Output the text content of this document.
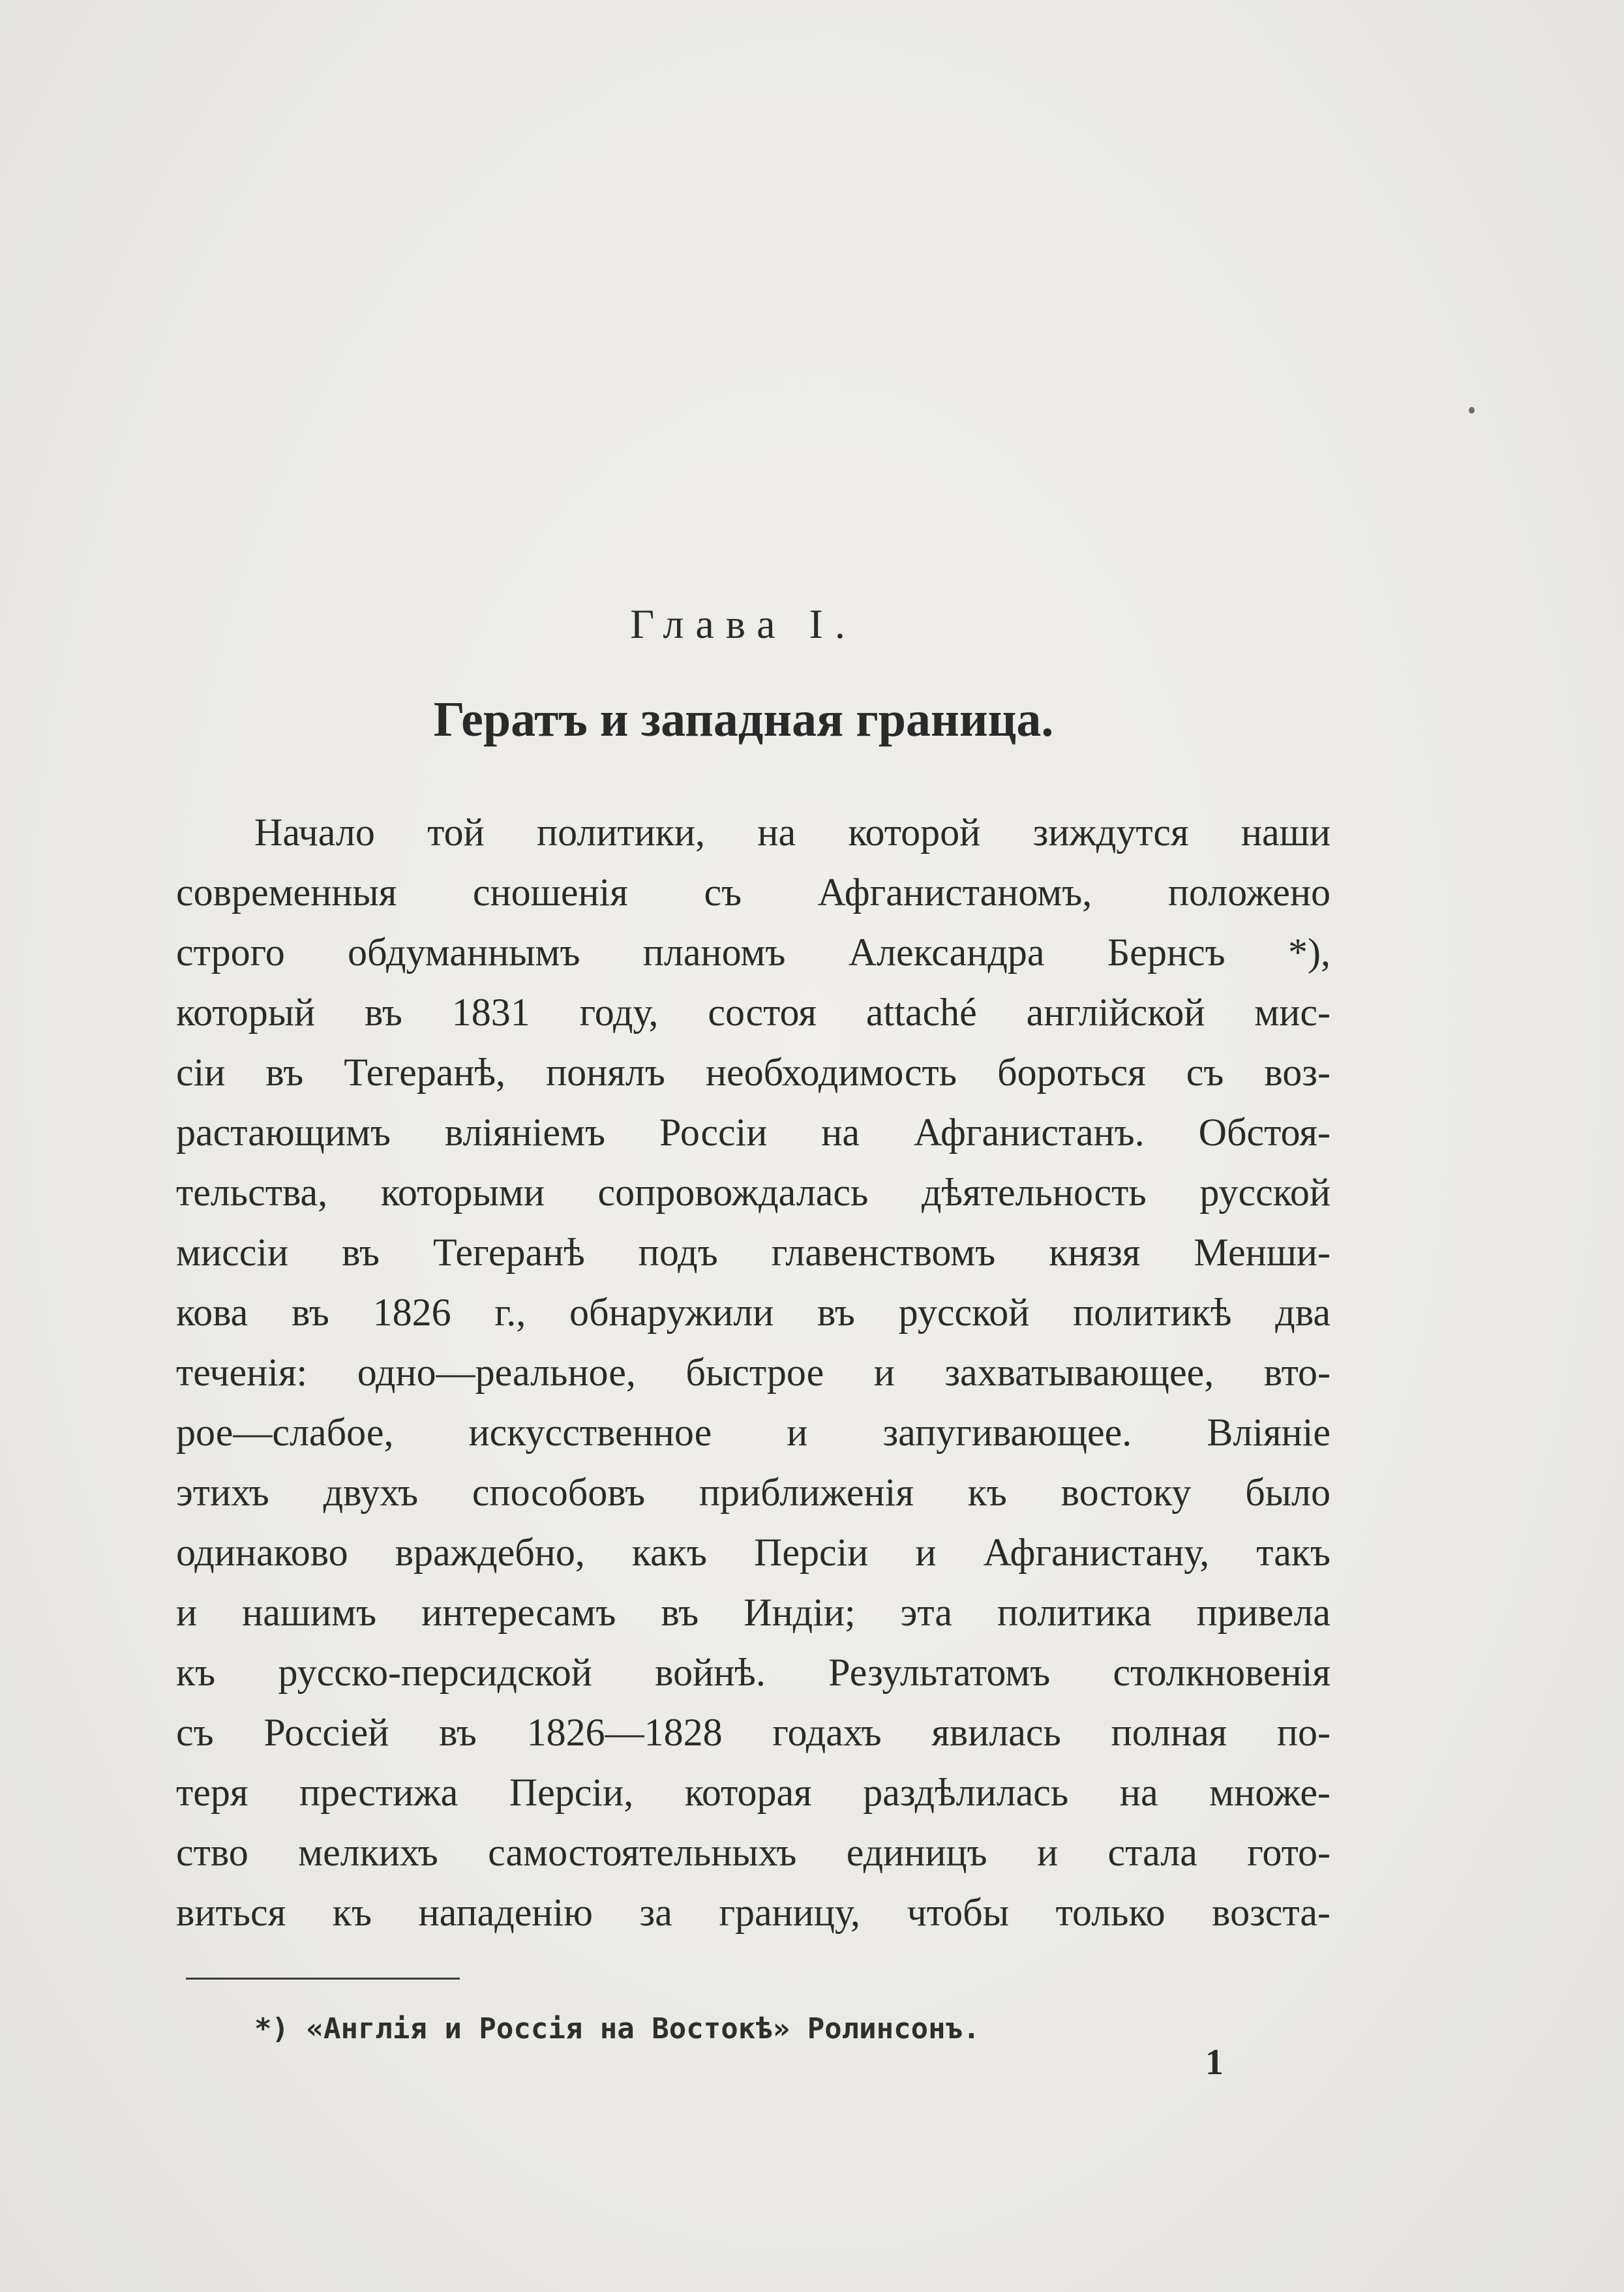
Глава I.
Гератъ и западная граница.
Начало той политики, на которой зиждутся наши
современныя сношенія съ Афганистаномъ, положено
строго обдуманнымъ планомъ Александра Бернсъ *),
который въ 1831 году, состоя attaché англійской мис-
сіи въ Тегеранѣ, понялъ необходимость бороться съ воз-
растающимъ вліяніемъ Россіи на Афганистанъ. Обстоя-
тельства, которыми сопровождалась дѣятельность русской
миссіи въ Тегеранѣ подъ главенствомъ князя Менши-
кова въ 1826 г., обнаружили въ русской политикѣ два
теченія: одно—реальное, быстрое и захватывающее, вто-
рое—слабое, искусственное и запугивающее. Вліяніе
этихъ двухъ способовъ приближенія къ востоку было
одинаково враждебно, какъ Персіи и Афганистану, такъ
и нашимъ интересамъ въ Индіи; эта политика привела
къ русско-персидской войнѣ. Результатомъ столкновенія
съ Россіей въ 1826—1828 годахъ явилась полная по-
теря престижа Персіи, которая раздѣлилась на множе-
ство мелкихъ самостоятельныхъ единицъ и стала гото-
виться къ нападенію за границу, чтобы только возста-
*) «Англія и Россія на Востокѣ» Ролинсонъ.
1
